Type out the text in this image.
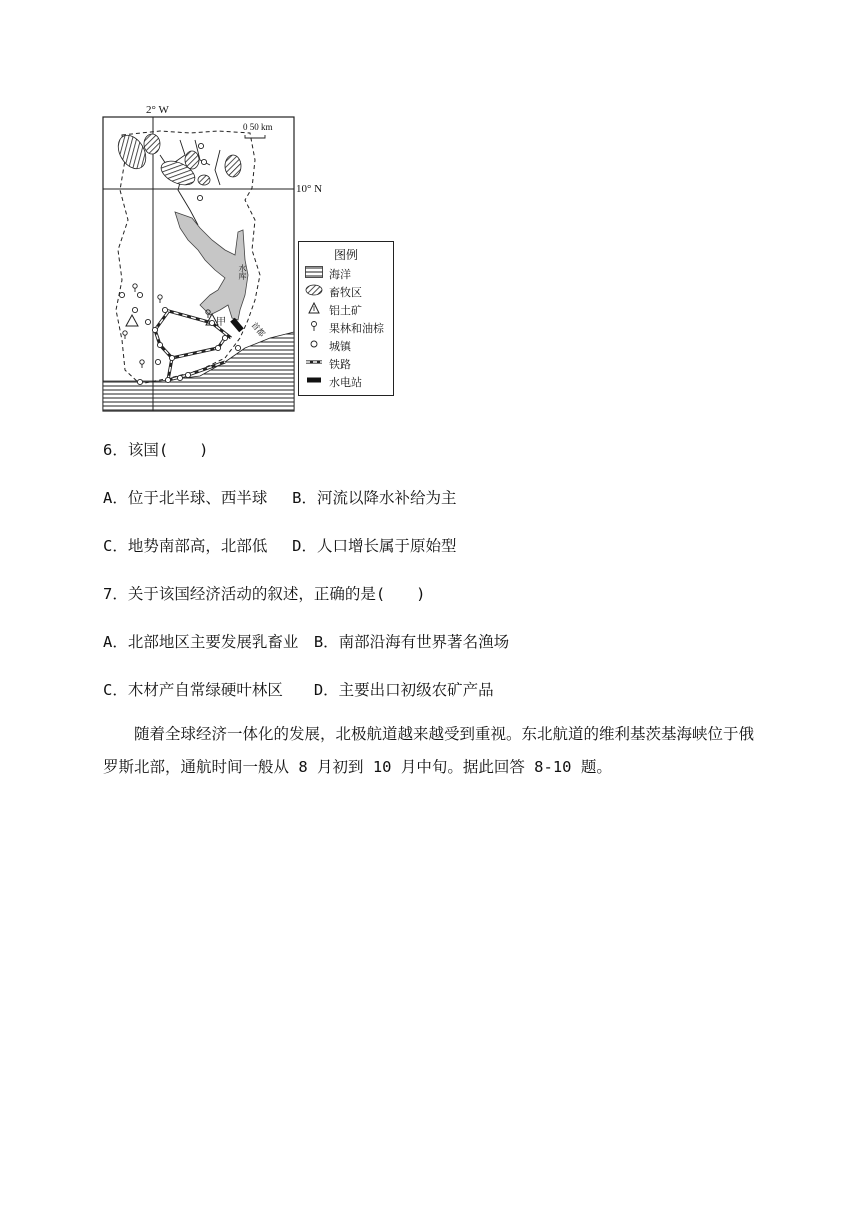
2° W
10° N
0 50 km
甲
水库
首都
图例
海洋
畜牧区
铝土矿
果林和油棕
城镇
铁路
水电站
6．该国(　　)
A．位于北半球、西半球　 B．河流以降水补给为主
C．地势南部高，北部低　 D．人口增长属于原始型
7．关于该国经济活动的叙述，正确的是(　　)
A．北部地区主要发展乳畜业　B．南部沿海有世界著名渔场
C．木材产自常绿硬叶林区　　D．主要出口初级农矿产品
随着全球经济一体化的发展，北极航道越来越受到重视。东北航道的维利基茨基海峡位于俄罗斯北部，通航时间一般从 8 月初到 10 月中旬。据此回答 8-10 题。
